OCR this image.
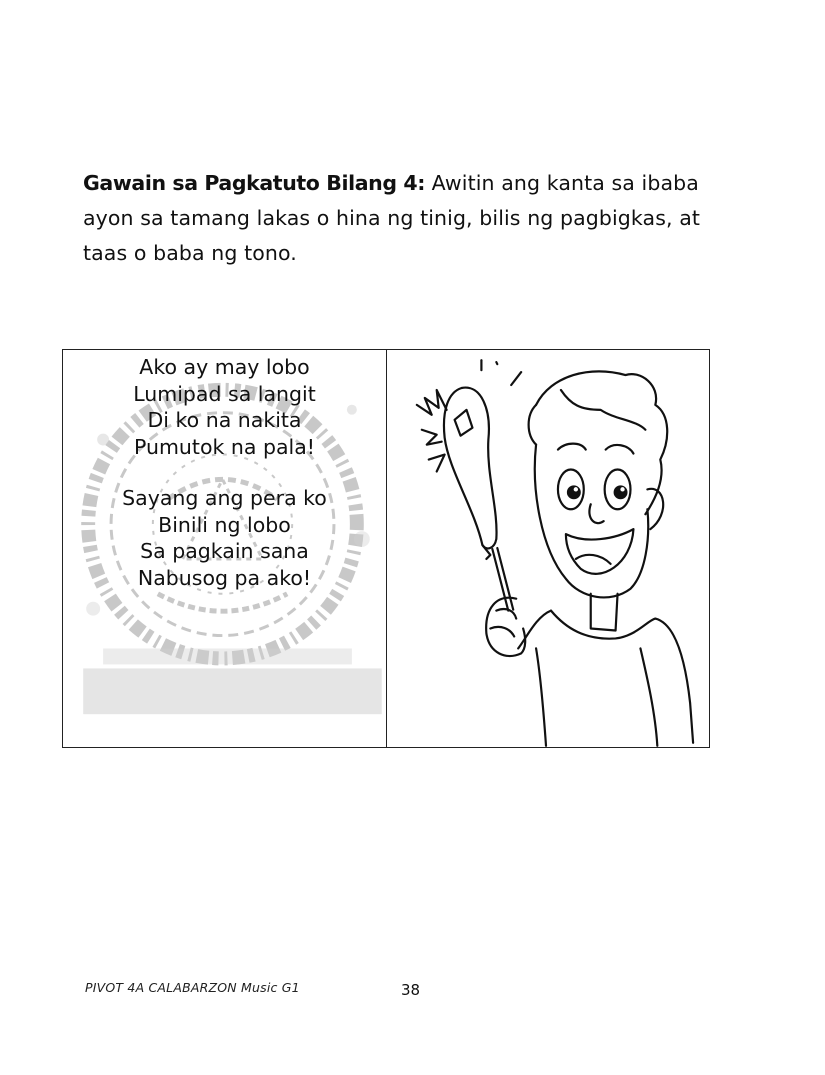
Gawain sa Pagkatuto Bilang 4: Awitin ang kanta sa ibaba ayon sa tamang lakas o hina ng tinig, bilis ng pagbigkas, at taas o baba ng tono.
Ako ay may lobo
Lumipad sa langit
Di ko na nakita
Pumutok na pala!
Sayang ang pera ko
Binili ng lobo
Sa pagkain sana
Nabusog pa ako!
PIVOT 4A CALABARZON Music G1	38
